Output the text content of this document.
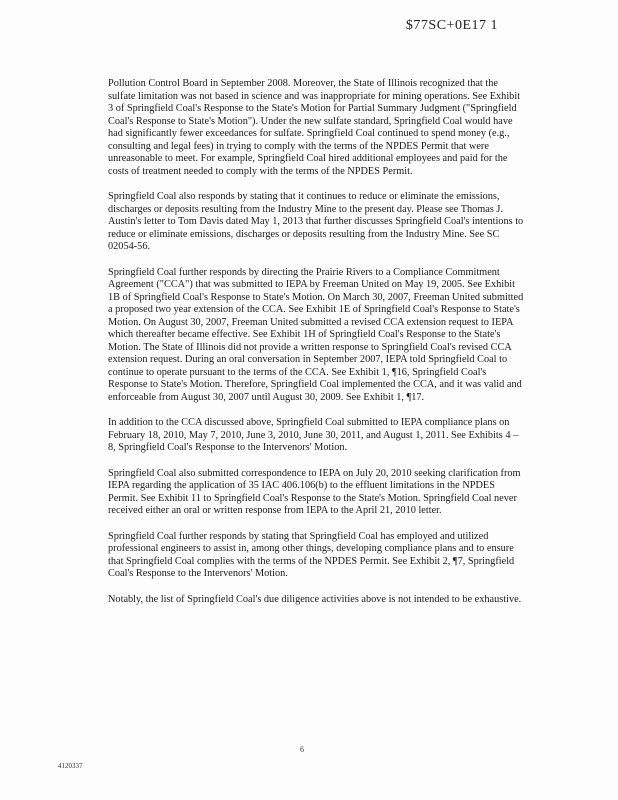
$77SC+0E17 1

Pollution Control Board in September 2008. Moreover, the State of Illinois recognized that the sulfate limitation was not based in science and was inappropriate for mining operations. See Exhibit 3 of Springfield Coal's Response to the State's Motion for Partial Summary Judgment ("Springfield Coal's Response to State's Motion"). Under the new sulfate standard, Springfield Coal would have had significantly fewer exceedances for sulfate. Springfield Coal continued to spend money (e.g., consulting and legal fees) in trying to comply with the terms of the NPDES Permit that were unreasonable to meet. For example, Springfield Coal hired additional employees and paid for the costs of treatment needed to comply with the terms of the NPDES Permit.

Springfield Coal also responds by stating that it continues to reduce or eliminate the emissions, discharges or deposits resulting from the Industry Mine to the present day. Please see Thomas J. Austin's letter to Tom Davis dated May 1, 2013 that further discusses Springfield Coal's intentions to reduce or eliminate emissions, discharges or deposits resulting from the Industry Mine. See SC 02054-56.

Springfield Coal further responds by directing the Prairie Rivers to a Compliance Commitment Agreement ("CCA") that was submitted to IEPA by Freeman United on May 19, 2005. See Exhibit 1B of Springfield Coal's Response to State's Motion. On March 30, 2007, Freeman United submitted a proposed two year extension of the CCA. See Exhibit 1E of Springfield Coal's Response to State's Motion. On August 30, 2007, Freeman United submitted a revised CCA extension request to IEPA which thereafter became effective. See Exhibit 1H of Springfield Coal's Response to the State's Motion. The State of Illinois did not provide a written response to Springfield Coal's revised CCA extension request. During an oral conversation in September 2007, IEPA told Springfield Coal to continue to operate pursuant to the terms of the CCA. See Exhibit 1, ¶16, Springfield Coal's Response to State's Motion. Therefore, Springfield Coal implemented the CCA, and it was valid and enforceable from August 30, 2007 until August 30, 2009. See Exhibit 1, ¶17.

In addition to the CCA discussed above, Springfield Coal submitted to IEPA compliance plans on February 18, 2010, May 7, 2010, June 3, 2010, June 30, 2011, and August 1, 2011. See Exhibits 4 – 8, Springfield Coal's Response to the Intervenors' Motion.

Springfield Coal also submitted correspondence to IEPA on July 20, 2010 seeking clarification from IEPA regarding the application of 35 IAC 406.106(b) to the effluent limitations in the NPDES Permit. See Exhibit 11 to Springfield Coal's Response to the State's Motion. Springfield Coal never received either an oral or written response from IEPA to the April 21, 2010 letter.

Springfield Coal further responds by stating that Springfield Coal has employed and utilized professional engineers to assist in, among other things, developing compliance plans and to ensure that Springfield Coal complies with the terms of the NPDES Permit. See Exhibit 2, ¶7, Springfield Coal's Response to the Intervenors' Motion.

Notably, the list of Springfield Coal's due diligence activities above is not intended to be exhaustive.

6
4120337
